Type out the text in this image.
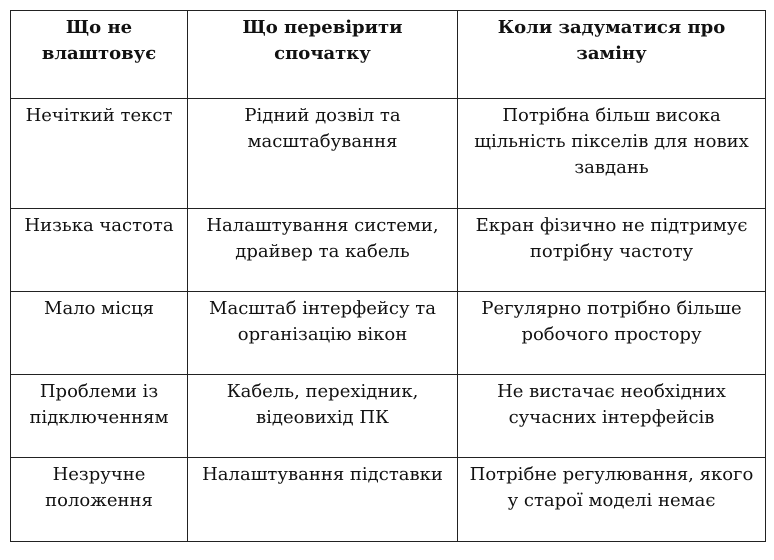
Що не влаштовує	Що перевірити спочатку	Коли задуматися про заміну
Нечіткий текст	Рідний дозвіл та масштабування	Потрібна більш висока щільність пікселів для нових завдань
Низька частота	Налаштування системи, драйвер та кабель	Екран фізично не підтримує потрібну частоту
Мало місця	Масштаб інтерфейсу та організацію вікон	Регулярно потрібно більше робочого простору
Проблеми із підключенням	Кабель, перехідник, відеовихід ПК	Не вистачає необхідних сучасних інтерфейсів
Незручне положення	Налаштування підставки	Потрібне регулювання, якого у старої моделі немає
